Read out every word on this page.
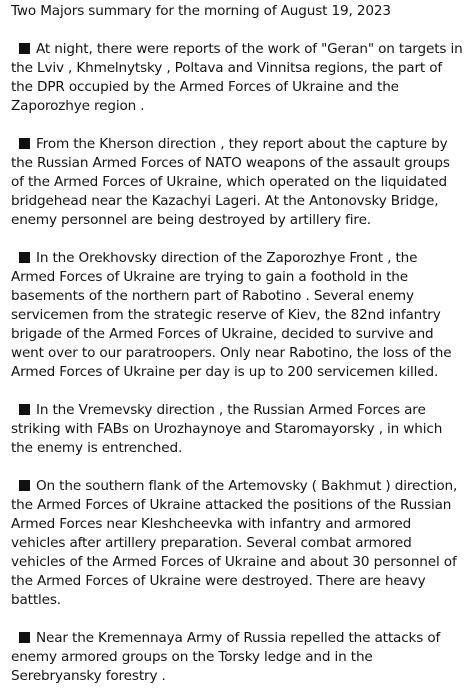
Two Majors summary for the morning of August 19, 2023

At night, there were reports of the work of "Geran" on targets in the Lviv , Khmelnytsky , Poltava and Vinnitsa regions, the part of the DPR occupied by the Armed Forces of Ukraine and the Zaporozhye region .

From the Kherson direction , they report about the capture by the Russian Armed Forces of NATO weapons of the assault groups of the Armed Forces of Ukraine, which operated on the liquidated bridgehead near the Kazachyi Lageri. At the Antonovsky Bridge, enemy personnel are being destroyed by artillery fire.

In the Orekhovsky direction of the Zaporozhye Front , the Armed Forces of Ukraine are trying to gain a foothold in the basements of the northern part of Rabotino . Several enemy servicemen from the strategic reserve of Kiev, the 82nd infantry brigade of the Armed Forces of Ukraine, decided to survive and went over to our paratroopers. Only near Rabotino, the loss of the Armed Forces of Ukraine per day is up to 200 servicemen killed.

In the Vremevsky direction , the Russian Armed Forces are striking with FABs on Urozhaynoye and Staromayorsky , in which the enemy is entrenched.

On the southern flank of the Artemovsky ( Bakhmut ) direction, the Armed Forces of Ukraine attacked the positions of the Russian Armed Forces near Kleshcheevka with infantry and armored vehicles after artillery preparation. Several combat armored vehicles of the Armed Forces of Ukraine and about 30 personnel of the Armed Forces of Ukraine were destroyed. There are heavy battles.

Near the Kremennaya Army of Russia repelled the attacks of enemy armored groups on the Torsky ledge and in the Serebryansky forestry .
